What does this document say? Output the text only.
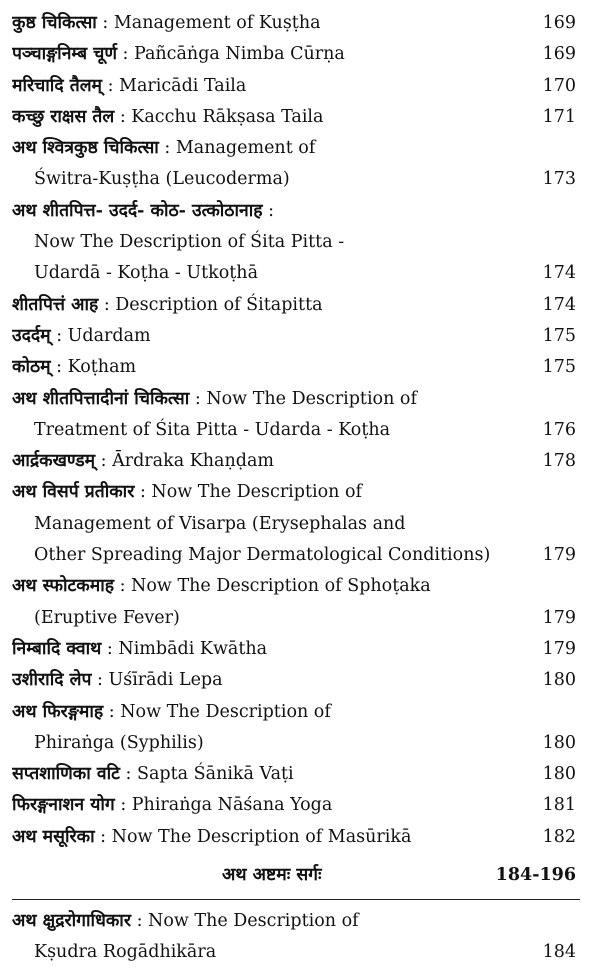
कुष्ठ चिकित्सा : Management of Kuṣṭha	169
पञ्चाङ्गनिम्ब चूर्ण : Pañcāṅga Nimba Cūrṇa	169
मरिचादि तैलम् : Maricādi Taila	170
कच्छु राक्षस तैल : Kacchu Rākṣasa Taila	171
अथ श्वित्रकुष्ठ चिकित्सा : Management of
Świtra-Kuṣṭha (Leucoderma)	173
अथ शीतपित्त- उदर्द- कोठ- उत्कोठानाह :
Now The Description of Śita Pitta -
Udardā - Koṭha - Utkoṭhā	174
शीतपित्तं आह : Description of Śitapitta	174
उदर्दम् : Udardam	175
कोठम् : Koṭham	175
अथ शीतपित्तादीनां चिकित्सा : Now The Description of
Treatment of Śita Pitta - Udarda - Koṭha	176
आर्द्रकखण्डम् : Ārdraka Khaṇḍam	178
अथ विसर्प प्रतीकार : Now The Description of
Management of Visarpa (Erysephalas and
Other Spreading Major Dermatological Conditions)	179
अथ स्फोटकमाह : Now The Description of Sphoṭaka
(Eruptive Fever)	179
निम्बादि क्वाथ : Nimbādi Kwātha	179
उशीरादि लेप : Uśīrādi Lepa	180
अथ फिरङ्गमाह : Now The Description of
Phiraṅga (Syphilis)	180
सप्तशाणिका वटि : Sapta Śānikā Vaṭi	180
फिरङ्गनाशन योग : Phiraṅga Nāśana Yoga	181
अथ मसूरिका : Now The Description of Masūrikā	182
अथ अष्टमः सर्गः	184-196
अथ क्षुद्ररोगाधिकार : Now The Description of
Kṣudra Rogādhikāra	184
